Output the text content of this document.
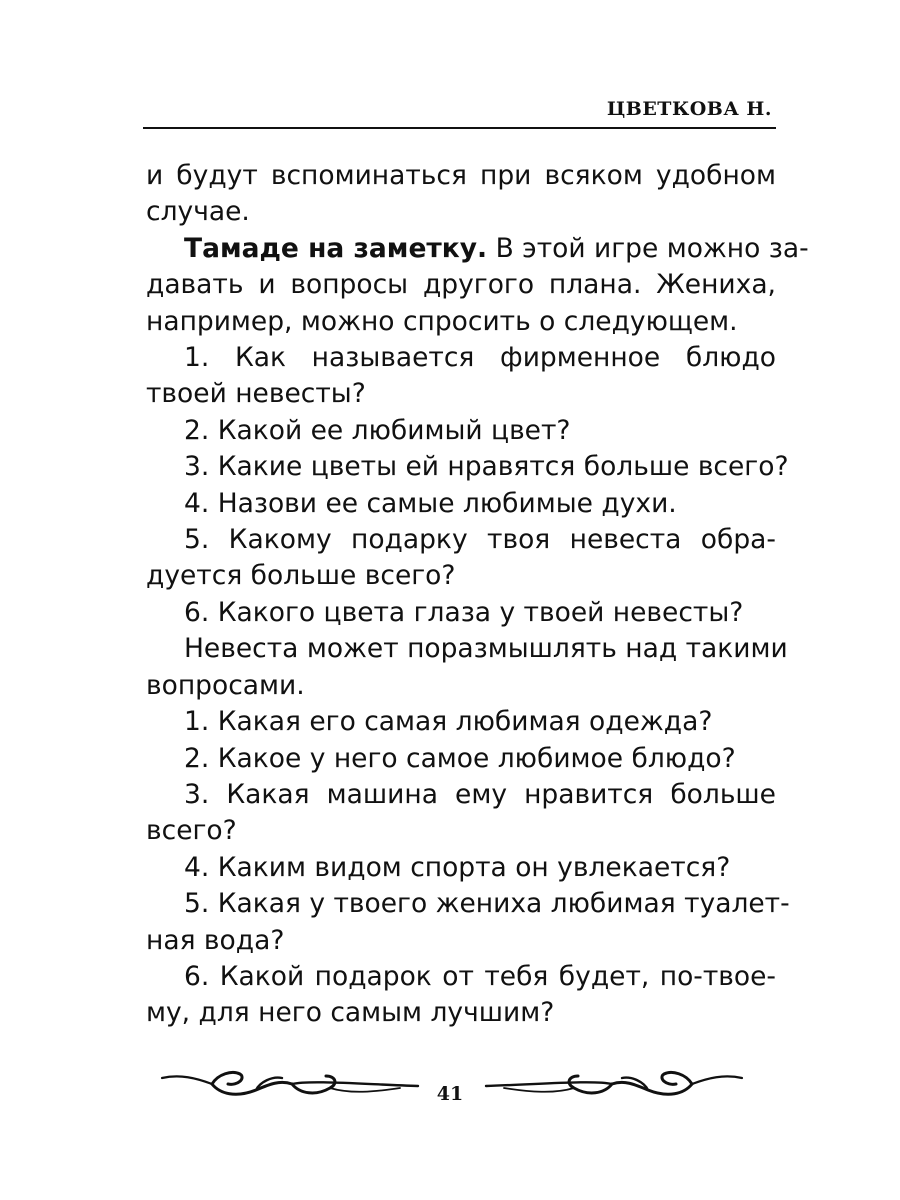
ЦВЕТКОВА Н.

и будут вспоминаться при всяком удобном
случае.

Тамаде на заметку. В этой игре можно за-
давать и вопросы другого плана. Жениха,
например, можно спросить о следующем.

1. Как называется фирменное блюдо
твоей невесты?

2. Какой ее любимый цвет?

3. Какие цветы ей нравятся больше всего?

4. Назови ее самые любимые духи.

5. Какому подарку твоя невеста обра-
дуется больше всего?

6. Какого цвета глаза у твоей невесты?

Невеста может поразмышлять над такими
вопросами.

1. Какая его самая любимая одежда?

2. Какое у него самое любимое блюдо?

3. Какая машина ему нравится больше
всего?

4. Каким видом спорта он увлекается?

5. Какая у твоего жениха любимая туалет-
ная вода?

6. Какой подарок от тебя будет, по-твое-
му, для него самым лучшим?

41
